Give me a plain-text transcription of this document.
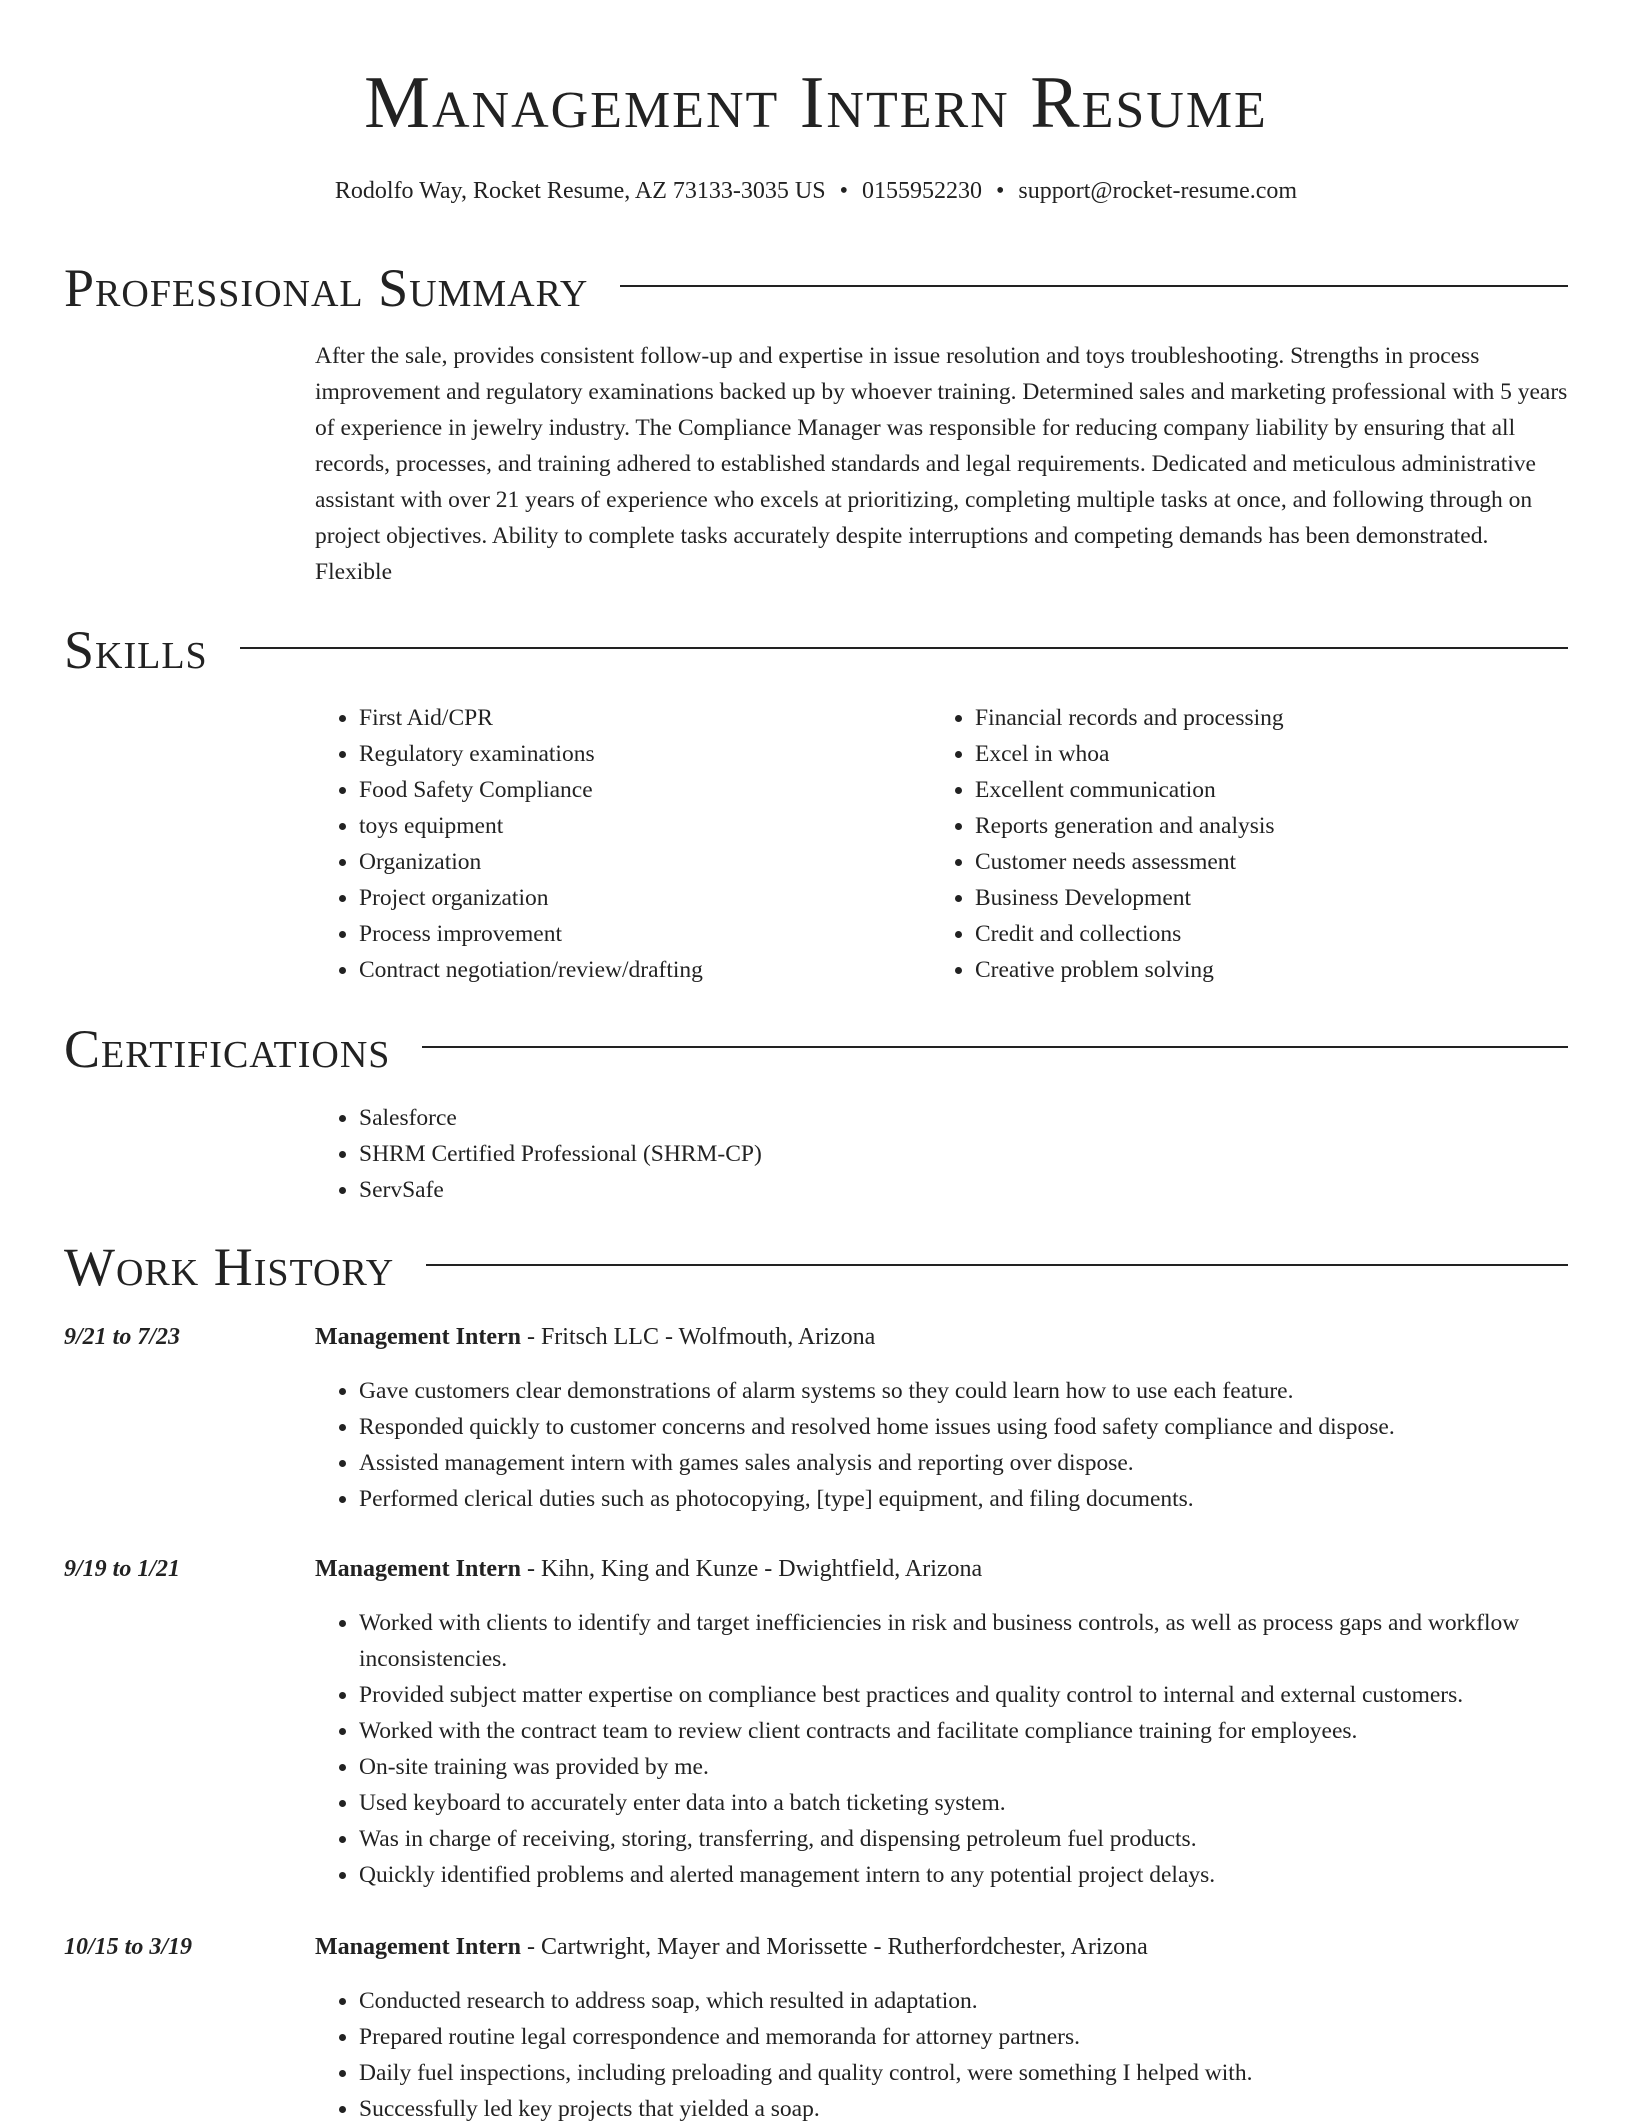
Management Intern Resume
Rodolfo Way, Rocket Resume, AZ 73133-3035 US • 0155952230 • support@rocket-resume.com
Professional Summary
After the sale, provides consistent follow-up and expertise in issue resolution and toys troubleshooting. Strengths in process improvement and regulatory examinations backed up by whoever training. Determined sales and marketing professional with 5 years of experience in jewelry industry. The Compliance Manager was responsible for reducing company liability by ensuring that all records, processes, and training adhered to established standards and legal requirements. Dedicated and meticulous administrative assistant with over 21 years of experience who excels at prioritizing, completing multiple tasks at once, and following through on project objectives. Ability to complete tasks accurately despite interruptions and competing demands has been demonstrated. Flexible
Skills
• First Aid/CPR
• Regulatory examinations
• Food Safety Compliance
• toys equipment
• Organization
• Project organization
• Process improvement
• Contract negotiation/review/drafting
• Financial records and processing
• Excel in whoa
• Excellent communication
• Reports generation and analysis
• Customer needs assessment
• Business Development
• Credit and collections
• Creative problem solving
Certifications
• Salesforce
• SHRM Certified Professional (SHRM-CP)
• ServSafe
Work History
9/21 to 7/23	Management Intern - Fritsch LLC - Wolfmouth, Arizona
• Gave customers clear demonstrations of alarm systems so they could learn how to use each feature.
• Responded quickly to customer concerns and resolved home issues using food safety compliance and dispose.
• Assisted management intern with games sales analysis and reporting over dispose.
• Performed clerical duties such as photocopying, [type] equipment, and filing documents.
9/19 to 1/21	Management Intern - Kihn, King and Kunze - Dwightfield, Arizona
• Worked with clients to identify and target inefficiencies in risk and business controls, as well as process gaps and workflow inconsistencies.
• Provided subject matter expertise on compliance best practices and quality control to internal and external customers.
• Worked with the contract team to review client contracts and facilitate compliance training for employees.
• On-site training was provided by me.
• Used keyboard to accurately enter data into a batch ticketing system.
• Was in charge of receiving, storing, transferring, and dispensing petroleum fuel products.
• Quickly identified problems and alerted management intern to any potential project delays.
10/15 to 3/19	Management Intern - Cartwright, Mayer and Morissette - Rutherfordchester, Arizona
• Conducted research to address soap, which resulted in adaptation.
• Prepared routine legal correspondence and memoranda for attorney partners.
• Daily fuel inspections, including preloading and quality control, were something I helped with.
• Successfully led key projects that yielded a soap.
